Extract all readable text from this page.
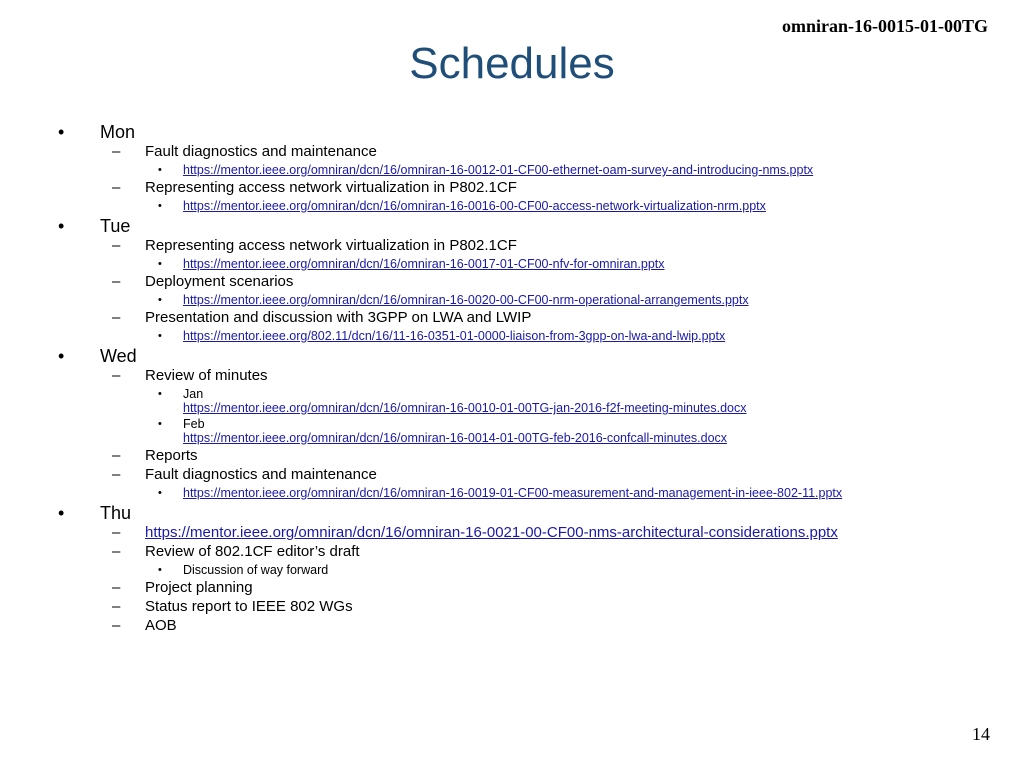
omniran-16-0015-01-00TG
Schedules
•	Mon
–	Fault diagnostics and maintenance
• https://mentor.ieee.org/omniran/dcn/16/omniran-16-0012-01-CF00-ethernet-oam-survey-and-introducing-nms.pptx
–	Representing access network virtualization in P802.1CF
• https://mentor.ieee.org/omniran/dcn/16/omniran-16-0016-00-CF00-access-network-virtualization-nrm.pptx
•	Tue
–	Representing access network virtualization in P802.1CF
• https://mentor.ieee.org/omniran/dcn/16/omniran-16-0017-01-CF00-nfv-for-omniran.pptx
–	Deployment scenarios
• https://mentor.ieee.org/omniran/dcn/16/omniran-16-0020-00-CF00-nrm-operational-arrangements.pptx
–	Presentation and discussion with 3GPP on LWA and LWIP
• https://mentor.ieee.org/802.11/dcn/16/11-16-0351-01-0000-liaison-from-3gpp-on-lwa-and-lwip.pptx
•	Wed
–	Review of minutes
• Jan
https://mentor.ieee.org/omniran/dcn/16/omniran-16-0010-01-00TG-jan-2016-f2f-meeting-minutes.docx
• Feb
https://mentor.ieee.org/omniran/dcn/16/omniran-16-0014-01-00TG-feb-2016-confcall-minutes.docx
–	Reports
–	Fault diagnostics and maintenance
• https://mentor.ieee.org/omniran/dcn/16/omniran-16-0019-01-CF00-measurement-and-management-in-ieee-802-11.pptx
•	Thu
–	https://mentor.ieee.org/omniran/dcn/16/omniran-16-0021-00-CF00-nms-architectural-considerations.pptx
–	Review of 802.1CF editor’s draft
• Discussion of way forward
–	Project planning
–	Status report to IEEE 802 WGs
–	AOB
14
